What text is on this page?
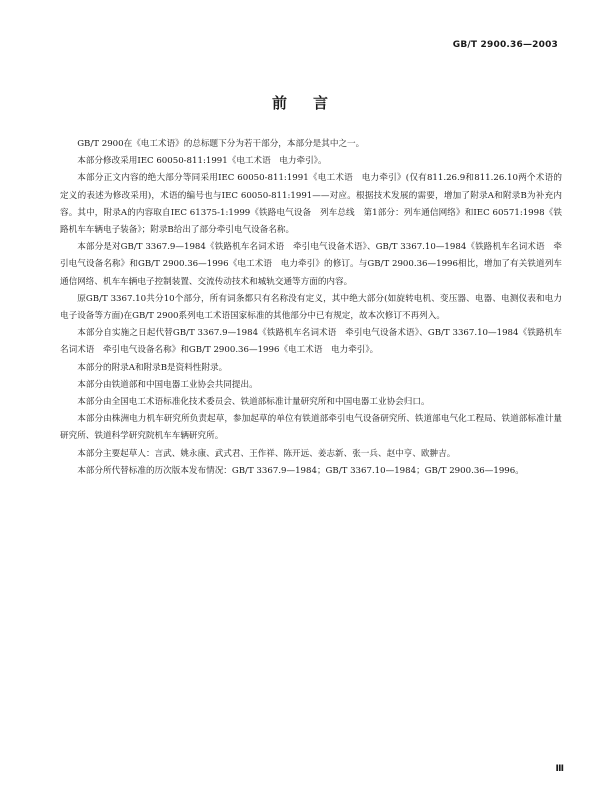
GB/T 2900.36—2003
前言

GB/T 2900在《电工术语》的总标题下分为若干部分，本部分是其中之一。

本部分修改采用IEC 60050-811:1991《电工术语　电力牵引》。

本部分正文内容的绝大部分等同采用IEC 60050-811:1991《电工术语　电力牵引》(仅有811.26.9和811.26.10两个术语的定义的表述为修改采用)，术语的编号也与IEC 60050-811:1991——对应。根据技术发展的需要，增加了附录A和附录B为补充内容。其中，附录A的内容取自IEC 61375-1:1999《铁路电气设备　列车总线　第1部分：列车通信网络》和IEC 60571:1998《铁路机车车辆电子装备》；附录B给出了部分牵引电气设备名称。

本部分是对GB/T 3367.9—1984《铁路机车名词术语　牵引电气设备术语》、GB/T 3367.10—1984《铁路机车名词术语　牵引电气设备名称》和GB/T 2900.36—1996《电工术语　电力牵引》的修订。与GB/T 2900.36—1996相比，增加了有关铁道列车通信网络、机车车辆电子控制装置、交流传动技术和城轨交通等方面的内容。

原GB/T 3367.10共分10个部分，所有词条都只有名称没有定义，其中绝大部分(如旋转电机、变压器、电器、电测仪表和电力电子设备等方面)在GB/T 2900系列电工术语国家标准的其他部分中已有规定，故本次修订不再列入。

本部分自实施之日起代替GB/T 3367.9—1984《铁路机车名词术语　牵引电气设备术语》、GB/T 3367.10—1984《铁路机车名词术语　牵引电气设备名称》和GB/T 2900.36—1996《电工术语　电力牵引》。

本部分的附录A和附录B是资料性附录。

本部分由铁道部和中国电器工业协会共同提出。

本部分由全国电工术语标准化技术委员会、铁道部标准计量研究所和中国电器工业协会归口。

本部分由株洲电力机车研究所负责起草，参加起草的单位有铁道部牵引电气设备研究所、铁道部电气化工程局、铁道部标准计量研究所、铁道科学研究院机车车辆研究所。

本部分主要起草人：言武、姚永康、武式君、王作祥、陈开远、姜志新、张一兵、赵中亨、欧翀吉。

本部分所代替标准的历次版本发布情况：GB/T 3367.9—1984；GB/T 3367.10—1984；GB/T 2900.36—1996。

Ⅲ
